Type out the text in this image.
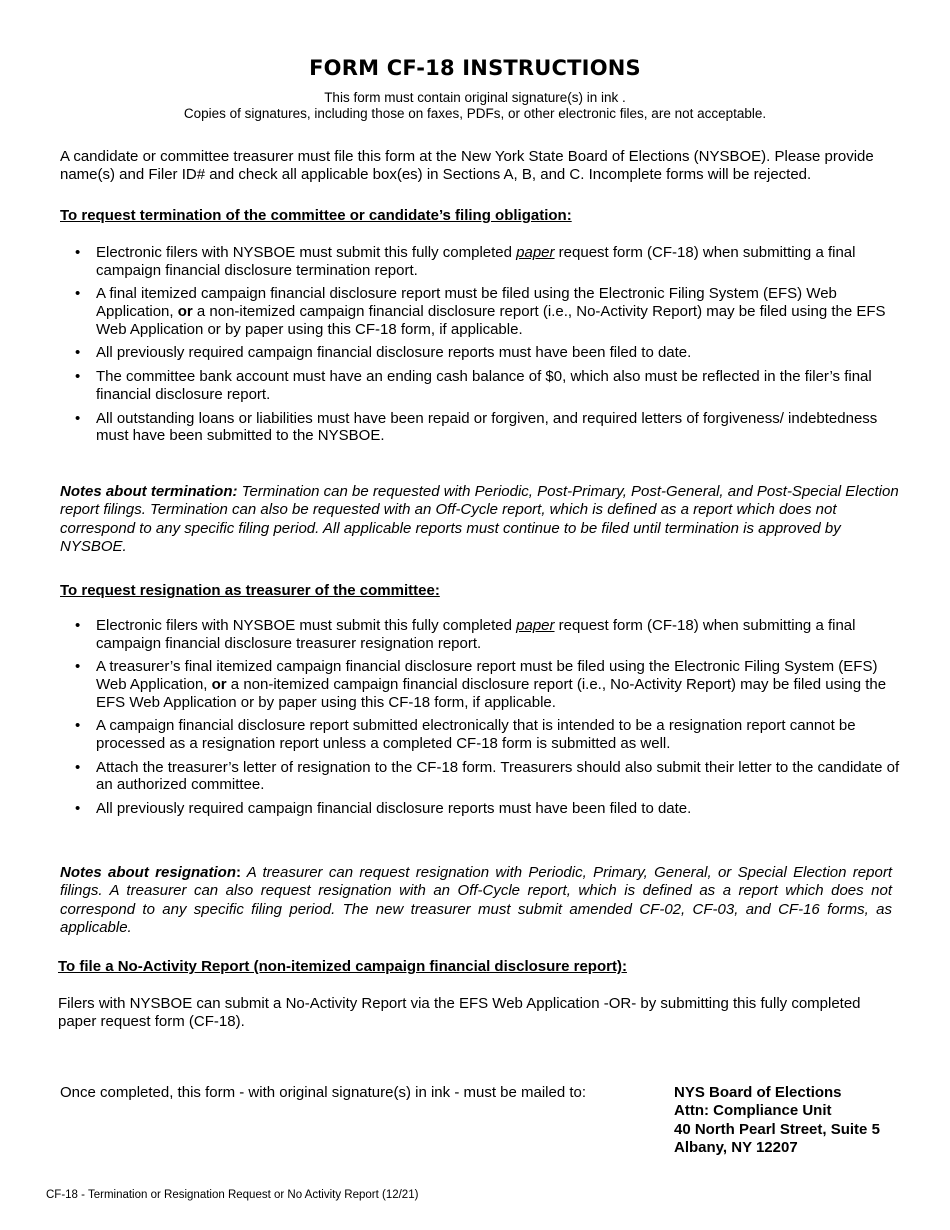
FORM CF-18 INSTRUCTIONS

This form must contain original signature(s) in ink .

Copies of signatures, including those on faxes, PDFs, or other electronic files, are not acceptable.

A candidate or committee treasurer must file this form at the New York State Board of Elections (NYSBOE). Please provide name(s) and Filer ID# and check all applicable box(es) in Sections A, B, and C. Incomplete forms will be rejected.

To request termination of the committee or candidate’s filing obligation:
• Electronic filers with NYSBOE must submit this fully completed paper request form (CF-18) when submitting a final campaign financial disclosure termination report.
• A final itemized campaign financial disclosure report must be filed using the Electronic Filing System (EFS) Web Application, or a non-itemized campaign financial disclosure report (i.e., No-Activity Report) may be filed using the EFS Web Application or by paper using this CF-18 form, if applicable.
• All previously required campaign financial disclosure reports must have been filed to date.
• The committee bank account must have an ending cash balance of $0, which also must be reflected in the filer’s final financial disclosure report.
• All outstanding loans or liabilities must have been repaid or forgiven, and required letters of forgiveness/ indebtedness must have been submitted to the NYSBOE.

Notes about termination: Termination can be requested with Periodic, Post-Primary, Post-General, and Post-Special Election report filings. Termination can also be requested with an Off-Cycle report, which is defined as a report which does not correspond to any specific filing period. All applicable reports must continue to be filed until termination is approved by NYSBOE.

To request resignation as treasurer of the committee:
• Electronic filers with NYSBOE must submit this fully completed paper request form (CF-18) when submitting a final campaign financial disclosure treasurer resignation report.
• A treasurer’s final itemized campaign financial disclosure report must be filed using the Electronic Filing System (EFS) Web Application, or a non-itemized campaign financial disclosure report (i.e., No-Activity Report) may be filed using the EFS Web Application or by paper using this CF-18 form, if applicable.
• A campaign financial disclosure report submitted electronically that is intended to be a resignation report cannot be processed as a resignation report unless a completed CF-18 form is submitted as well.
• Attach the treasurer’s letter of resignation to the CF-18 form. Treasurers should also submit their letter to the candidate of an authorized committee.
• All previously required campaign financial disclosure reports must have been filed to date.

Notes about resignation: A treasurer can request resignation with Periodic, Primary, General, or Special Election report filings. A treasurer can also request resignation with an Off-Cycle report, which is defined as a report which does not correspond to any specific filing period. The new treasurer must submit amended CF-02, CF-03, and CF-16 forms, as applicable.

To file a No-Activity Report (non-itemized campaign financial disclosure report):

Filers with NYSBOE can submit a No-Activity Report via the EFS Web Application -OR- by submitting this fully completed paper request form (CF-18).

Once completed, this form - with original signature(s) in ink - must be mailed to:	NYS Board of Elections
Attn: Compliance Unit
40 North Pearl Street, Suite 5
Albany, NY 12207

CF-18 - Termination or Resignation Request or No Activity Report (12/21)
